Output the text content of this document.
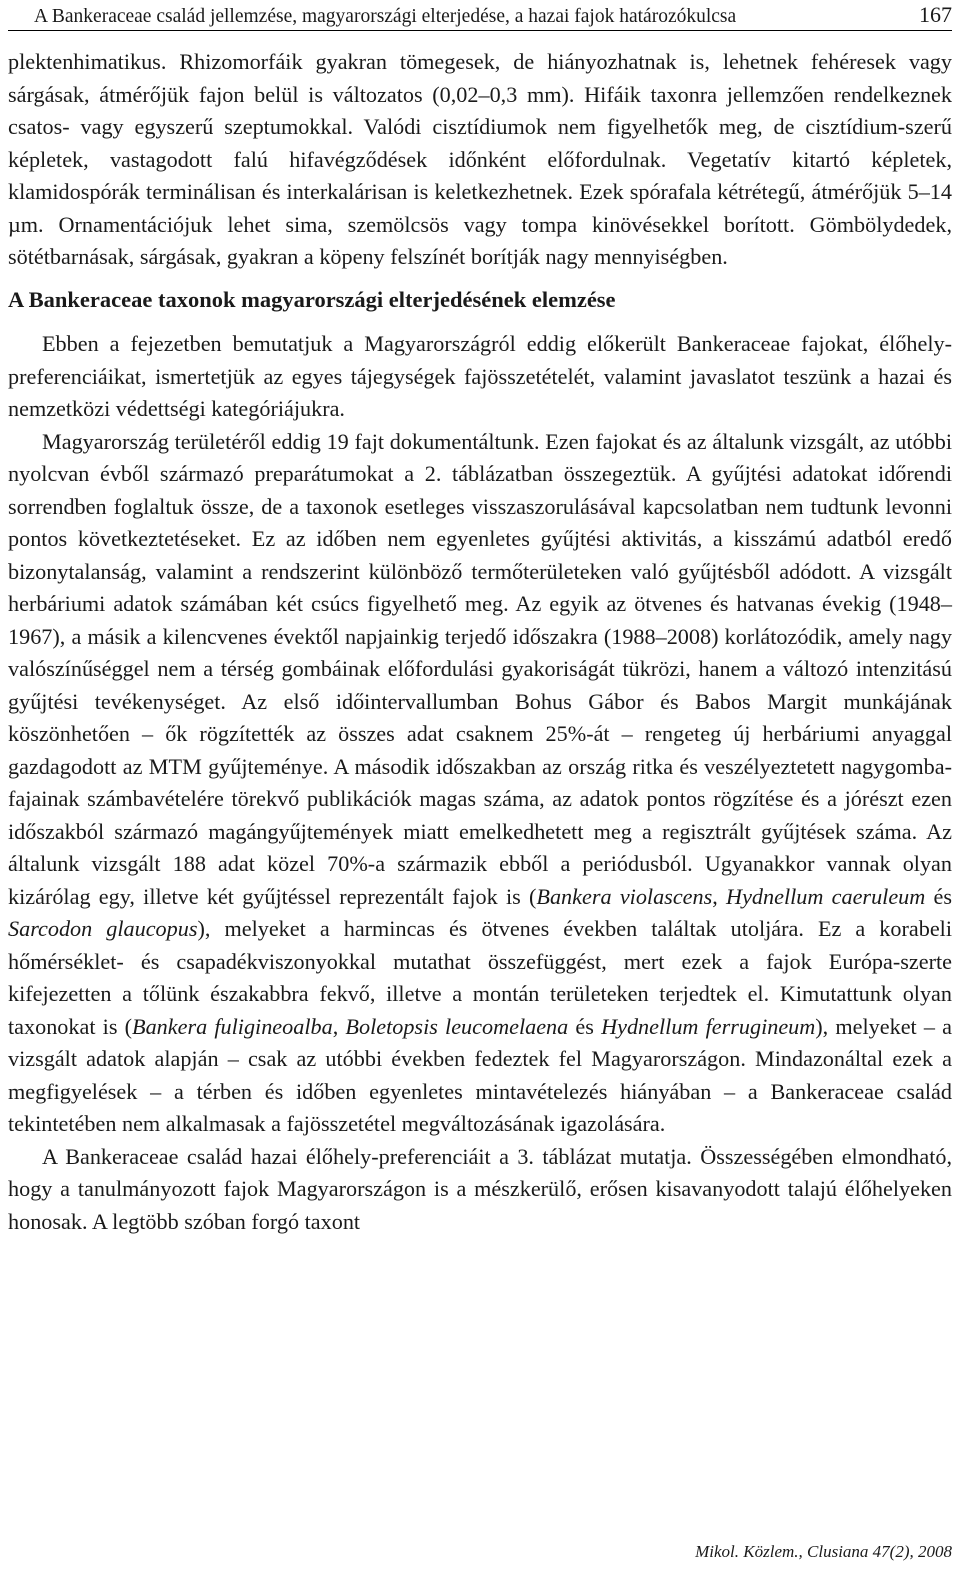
A Bankeraceae család jellemzése, magyarországi elterjedése, a hazai fajok határozókulcsa	167

plektenhimatikus. Rhizomorfáik gyakran tömegesek, de hiányozhatnak is, lehetnek fehéresek vagy sárgásak, átmérőjük fajon belül is változatos (0,02–0,3 mm). Hifáik taxonra jellemzően rendelkeznek csatos- vagy egyszerű szeptumokkal. Valódi cisztídiumok nem figyelhetők meg, de cisztídium-szerű képletek, vastagodott falú hifavégződések időnként előfordulnak. Vegetatív kitartó képletek, klamidospórák terminálisan és interkalárisan is keletkezhetnek. Ezek spórafala kétrétegű, átmérőjük 5–14 µm. Ornamentációjuk lehet sima, szemölcsös vagy tompa kinövésekkel borított. Gömbölydedek, sötétbarnásak, sárgásak, gyakran a köpeny felszínét borítják nagy mennyiségben.

A Bankeraceae taxonok magyarországi elterjedésének elemzése

Ebben a fejezetben bemutatjuk a Magyarországról eddig előkerült Bankeraceae fajokat, élőhely-preferenciáikat, ismertetjük az egyes tájegységek fajösszetételét, valamint javaslatot teszünk a hazai és nemzetközi védettségi kategóriájukra.

Magyarország területéről eddig 19 fajt dokumentáltunk. Ezen fajokat és az általunk vizsgált, az utóbbi nyolcvan évből származó preparátumokat a 2. táblázatban összegeztük. A gyűjtési adatokat időrendi sorrendben foglaltuk össze, de a taxonok esetleges visszaszorulásával kapcsolatban nem tudtunk levonni pontos következtetéseket. Ez az időben nem egyenletes gyűjtési aktivitás, a kisszámú adatból eredő bizonytalanság, valamint a rendszerint különböző termőterületeken való gyűjtésből adódott. A vizsgált herbáriumi adatok számában két csúcs figyelhető meg. Az egyik az ötvenes és hatvanas évekig (1948–1967), a másik a kilencvenes évektől napjainkig terjedő időszakra (1988–2008) korlátozódik, amely nagy valószínűséggel nem a térség gombáinak előfordulási gyakoriságát tükrözi, hanem a változó intenzitású gyűjtési tevékenységet. Az első időintervallumban Bohus Gábor és Babos Margit munkájának köszönhetően – ők rögzítették az összes adat csaknem 25%-át – rengeteg új herbáriumi anyaggal gazdagodott az MTM gyűjteménye. A második időszakban az ország ritka és veszélyeztetett nagygomba-fajainak számbavételére törekvő publikációk magas száma, az adatok pontos rögzítése és a jórészt ezen időszakból származó magángyűjtemények miatt emelkedhetett meg a regisztrált gyűjtések száma. Az általunk vizsgált 188 adat közel 70%-a származik ebből a periódusból. Ugyanakkor vannak olyan kizárólag egy, illetve két gyűjtéssel reprezentált fajok is (Bankera violascens, Hydnellum caeruleum és Sarcodon glaucopus), melyeket a harmincas és ötvenes években találtak utoljára. Ez a korabeli hőmérséklet- és csapadékviszonyokkal mutathat összefüggést, mert ezek a fajok Európa-szerte kifejezetten a tőlünk északabbra fekvő, illetve a montán területeken terjedtek el. Kimutattunk olyan taxonokat is (Bankera fuligineoalba, Boletopsis leucomelaena és Hydnellum ferrugineum), melyeket – a vizsgált adatok alapján – csak az utóbbi években fedeztek fel Magyarországon. Mindazonáltal ezek a megfigyelések – a térben és időben egyenletes mintavételezés hiányában – a Bankeraceae család tekintetében nem alkalmasak a fajösszetétel megváltozásának igazolására.

A Bankeraceae család hazai élőhely-preferenciáit a 3. táblázat mutatja. Összességében elmondható, hogy a tanulmányozott fajok Magyarországon is a mészkerülő, erősen kisavanyodott talajú élőhelyeken honosak. A legtöbb szóban forgó taxont

Mikol. Közlem., Clusiana 47(2), 2008
